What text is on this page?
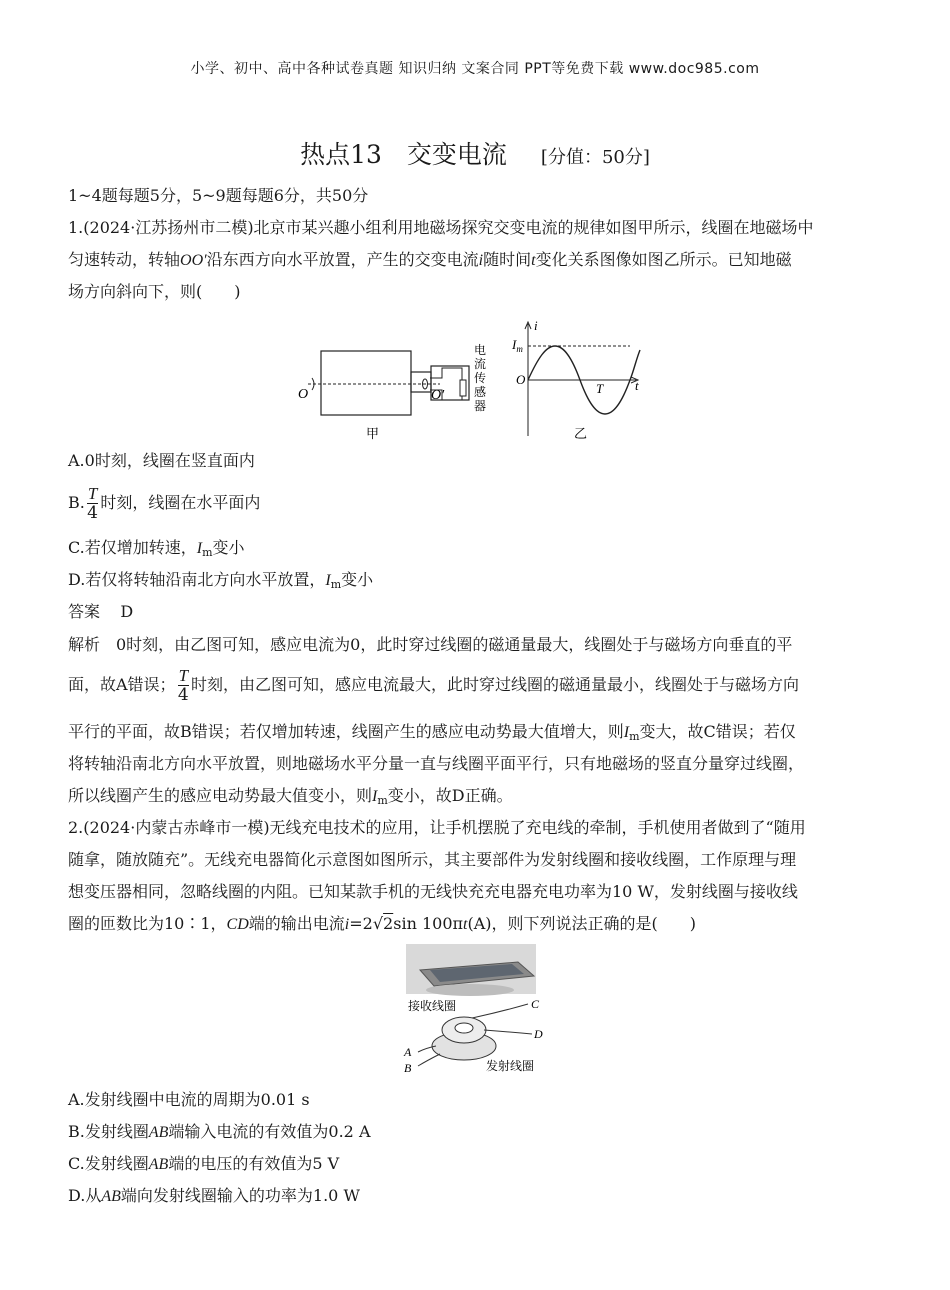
小学、初中、高中各种试卷真题 知识归纳 文案合同 PPT等免费下载 www.doc985.com
热点13　交变电流 [分值：50分]

1~4题每题5分，5~9题每题6分，共50分

1.(2024·江苏扬州市二模)北京市某兴趣小组利用地磁场探究交变电流的规律如图甲所示，线圈在地磁场中

匀速转动，转轴OO′沿东西方向水平放置，产生的交变电流i随时间t变化关系图像如图乙所示。已知地磁

场方向斜向下，则(　　)

O	O′
电
流
传
感
器
甲
i
t
O
$I_m$
T
乙

A.0时刻，线圈在竖直面内

B. $\frac{T}{4}$ 时刻，线圈在水平面内

C.若仅增加转速，$I_m$变小

D.若仅将转轴沿南北方向水平放置，$I_m$变小

答案 D

解析　0时刻，由乙图可知，感应电流为0，此时穿过线圈的磁通量最大，线圈处于与磁场方向垂直的平

面，故A错误； $\frac{T}{4}$ 时刻，由乙图可知，感应电流最大，此时穿过线圈的磁通量最小，线圈处于与磁场方向

平行的平面，故B错误；若仅增加转速，线圈产生的感应电动势最大值增大，则$I_m$变大，故C错误；若仅

将转轴沿南北方向水平放置，则地磁场水平分量一直与线圈平面平行，只有地磁场的竖直分量穿过线圈，

所以线圈产生的感应电动势最大值变小，则$I_m$变小，故D正确。

2.(2024·内蒙古赤峰市一模)无线充电技术的应用，让手机摆脱了充电线的牵制，手机使用者做到了“随用

随拿，随放随充”。无线充电器简化示意图如图所示，其主要部件为发射线圈和接收线圈，工作原理与理

想变压器相同，忽略线圈的内阻。已知某款手机的无线快充充电器充电功率为10 W，发射线圈与接收线

圈的匝数比为10∶1，CD端的输出电流i=2√2sin 100πt(A)，则下列说法正确的是(　　)

接收线圈
发射线圈
A
B
C
D

A.发射线圈中电流的周期为0.01 s

B.发射线圈AB端输入电流的有效值为0.2 A

C.发射线圈AB端的电压的有效值为5 V

D.从AB端向发射线圈输入的功率为1.0 W
